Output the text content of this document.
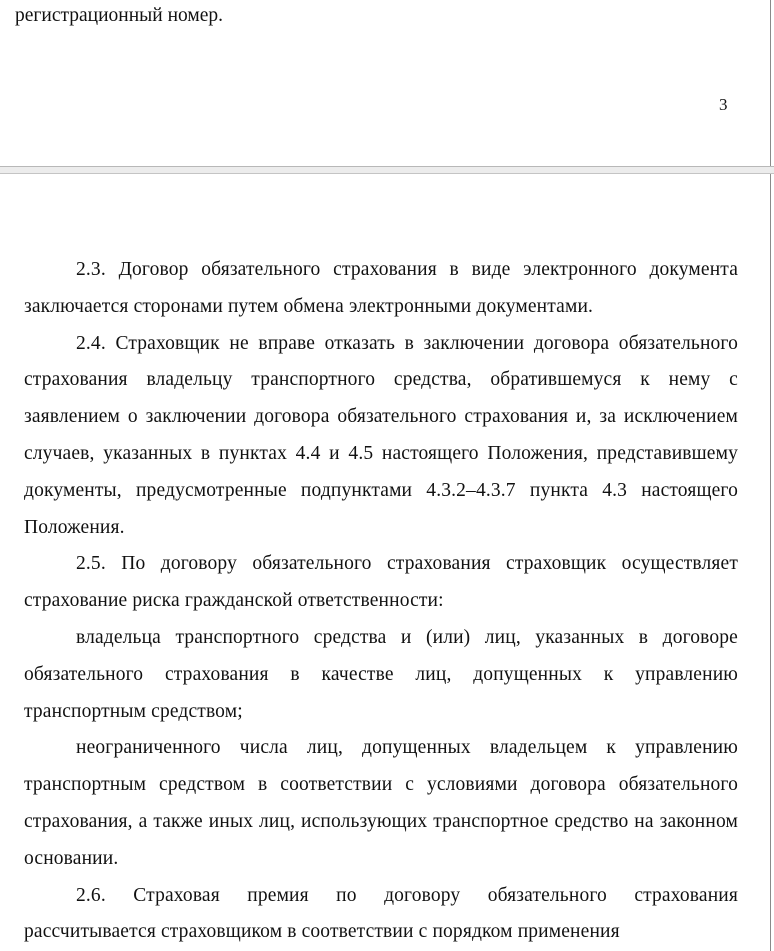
регистрационный номер.
3

2.3. Договор обязательного страхования в виде электронного документа заключается сторонами путем обмена электронными документами.

2.4. Страховщик не вправе отказать в заключении договора обязательного страхования владельцу транспортного средства, обратившемуся к нему с заявлением о заключении договора обязательного страхования и, за исключением случаев, указанных в пунктах 4.4 и 4.5 настоящего Положения, представившему документы, предусмотренные подпунктами 4.3.2–4.3.7 пункта 4.3 настоящего Положения.

2.5. По договору обязательного страхования страховщик осуществляет страхование риска гражданской ответственности:

владельца транспортного средства и (или) лиц, указанных в договоре обязательного страхования в качестве лиц, допущенных к управлению транспортным средством;

неограниченного числа лиц, допущенных владельцем к управлению транспортным средством в соответствии с условиями договора обязательного страхования, а также иных лиц, использующих транспортное средство на законном основании.

2.6. Страховая премия по договору обязательного страхования рассчитывается страховщиком в соответствии с порядком применения
